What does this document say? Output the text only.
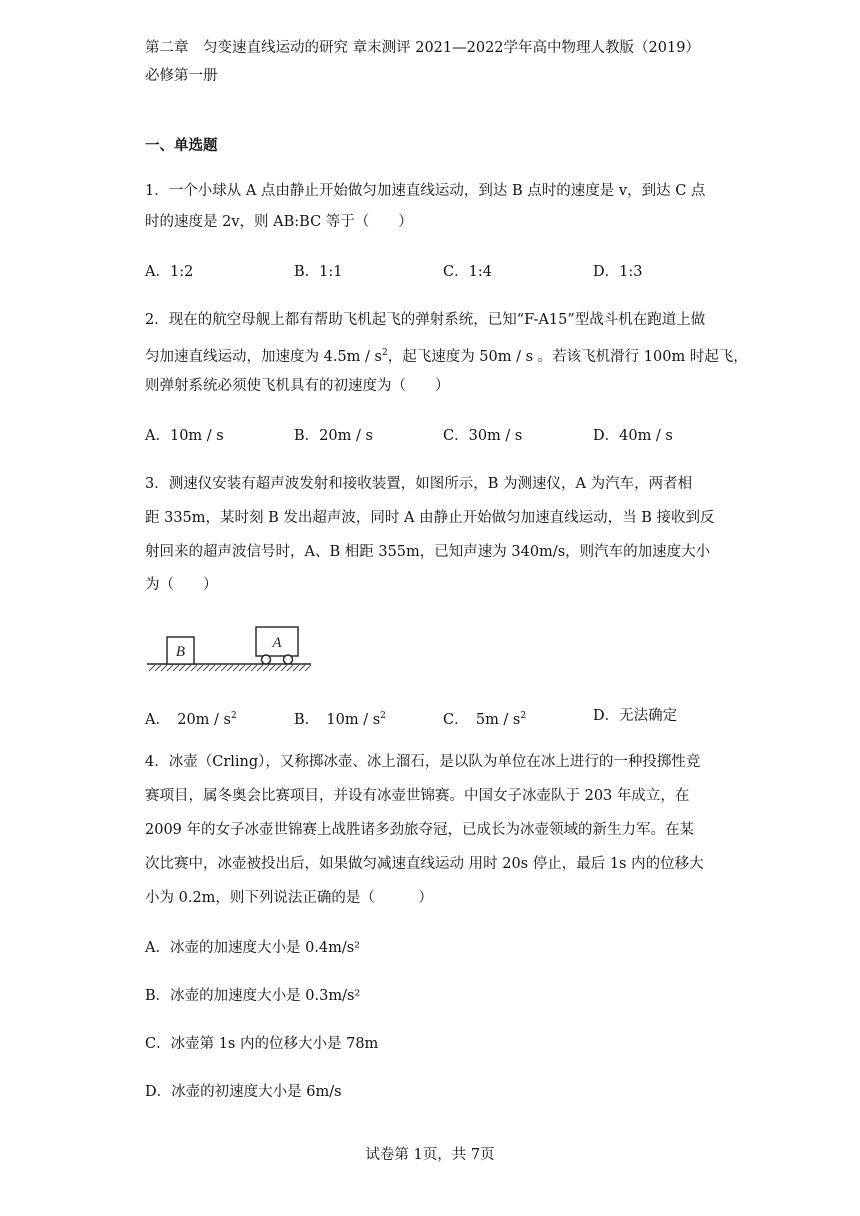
第二章　匀变速直线运动的研究 章末测评 2021—2022学年高中物理人教版（2019）
必修第一册
一、单选题
1．一个小球从 A 点由静止开始做匀加速直线运动，到达 B 点时的速度是 v，到达 C 点
时的速度是 2v，则 AB:BC 等于（　　）
A．1:2	B．1:1	C．1:4	D．1:3
2．现在的航空母舰上都有帮助飞机起飞的弹射系统，已知“F-A15”型战斗机在跑道上做
匀加速直线运动，加速度为 $4.5m / s^2$，起飞速度为 50m / s 。若该飞机滑行 100m 时起飞，
则弹射系统必须使飞机具有的初速度为（　　）
A．10m / s	B．20m / s	C．30m / s	D．40m / s
3．测速仪安装有超声波发射和接收装置，如图所示，B 为测速仪，A 为汽车，两者相
距 335m，某时刻 B 发出超声波，同时 A 由静止开始做匀加速直线运动，当 B 接收到反
射回来的超声波信号时，A、B 相距 355m，已知声速为 340m/s，则汽车的加速度大小
为（　　）
B
A
A．　$20m / s^2$	B．　$10m / s^2$	C．　$5m / s^2$	D．无法确定
4．冰壶（Crling），又称掷冰壶、冰上溜石，是以队为单位在冰上进行的一种投掷性竞
赛项目，属冬奥会比赛项目，并设有冰壶世锦赛。中国女子冰壶队于 203 年成立，在
2009 年的女子冰壶世锦赛上战胜诸多劲旅夺冠，已成长为冰壶领域的新生力军。在某
次比赛中，冰壶被投出后，如果做匀减速直线运动 用时 20s 停止，最后 1s 内的位移大
小为 0.2m，则下列说法正确的是（　　　）
A．冰壶的加速度大小是 0.4m/s²
B．冰壶的加速度大小是 0.3m/s²
C．冰壶第 1s 内的位移大小是 78m
D．冰壶的初速度大小是 6m/s
试卷第 1页，共 7页
